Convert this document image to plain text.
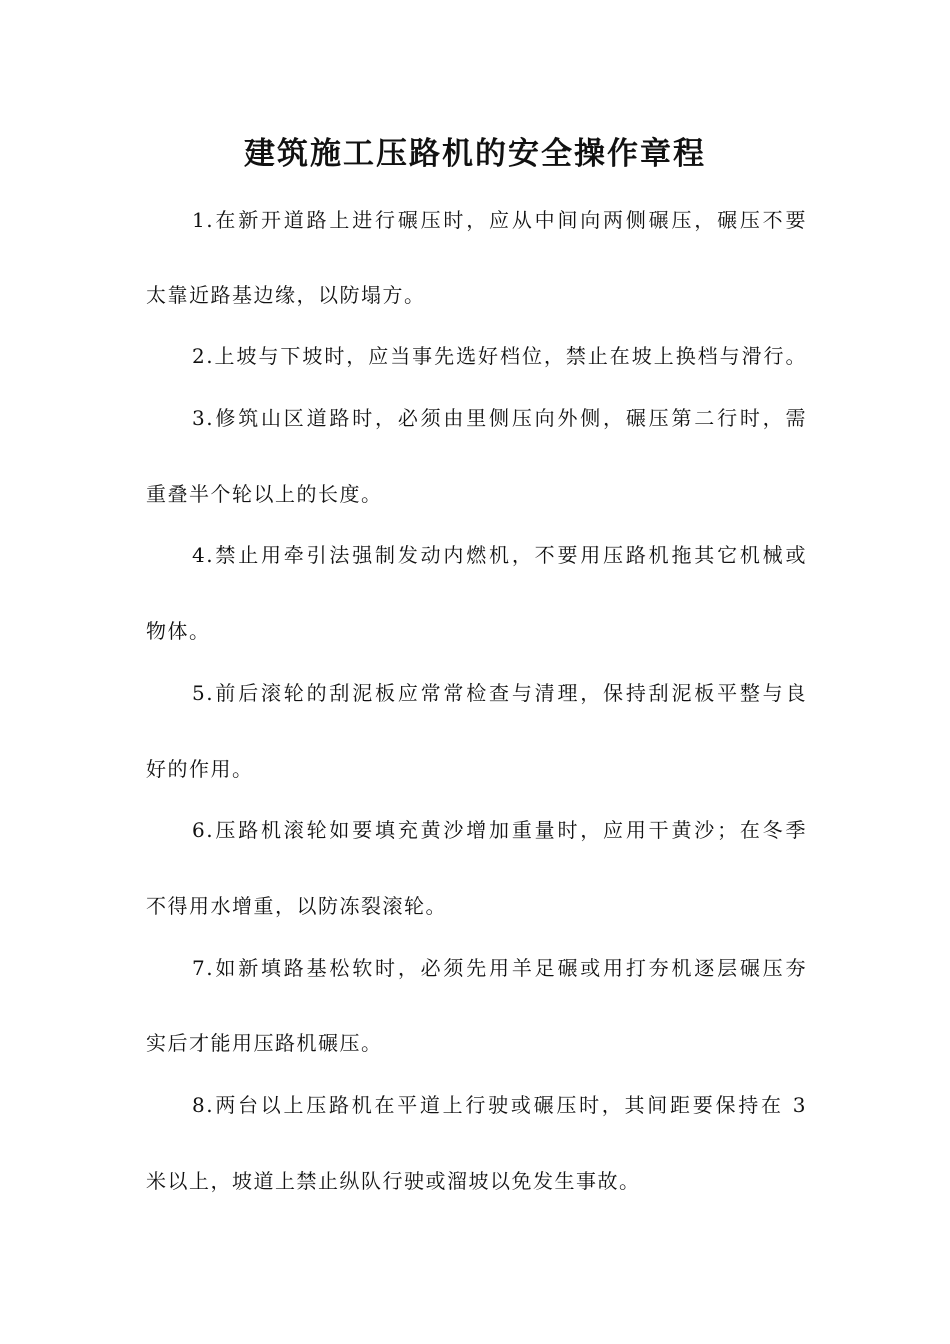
建筑施工压路机的安全操作章程
1.在新开道路上进行碾压时，应从中间向两侧碾压，碾压不要
太靠近路基边缘，以防塌方。
2.上坡与下坡时，应当事先选好档位，禁止在坡上换档与滑行。
3.修筑山区道路时，必须由里侧压向外侧，碾压第二行时，需
重叠半个轮以上的长度。
4.禁止用牵引法强制发动内燃机，不要用压路机拖其它机械或
物体。
5.前后滚轮的刮泥板应常常检查与清理，保持刮泥板平整与良
好的作用。
6.压路机滚轮如要填充黄沙增加重量时，应用干黄沙；在冬季
不得用水增重，以防冻裂滚轮。
7.如新填路基松软时，必须先用羊足碾或用打夯机逐层碾压夯
实后才能用压路机碾压。
8.两台以上压路机在平道上行驶或碾压时，其间距要保持在 3
米以上，坡道上禁止纵队行驶或溜坡以免发生事故。
